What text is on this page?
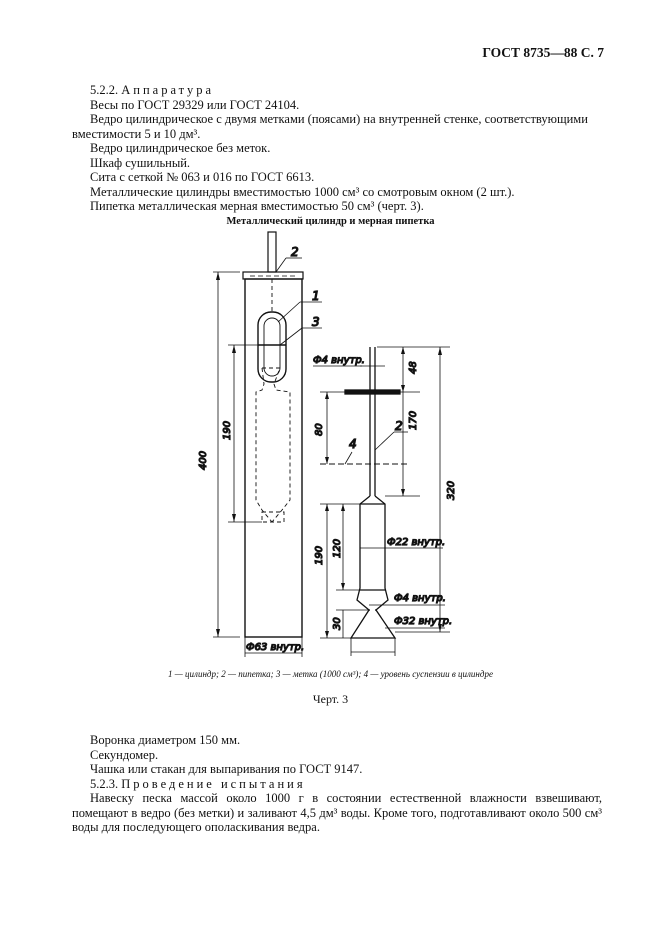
ГОСТ 8735—88 С. 7

5.2.2. Аппаратура

Весы по ГОСТ 29329 или ГОСТ 24104.

Ведро цилиндрическое с двумя метками (поясами) на внутренней стенке, соответствующими вместимости 5 и 10 дм³.

Ведро цилиндрическое без меток.

Шкаф сушильный.

Сита с сеткой № 063 и 016 по ГОСТ 6613.

Металлические цилиндры вместимостью 1000 см³ со смотровым окном (2 шт.).

Пипетка металлическая мерная вместимостью 50 см³ (черт. 3).

Металлический цилиндр и мерная пипетка
400
190
Ф63 внутр.
2
1
3
Ф4 внутр.
48
170
320
80
4
2
190 120
30
Ф22 внутр.
Ф4 внутр.
Ф32 внутр.
1 — цилиндр; 2 — пипетка; 3 — метка (1000 см³); 4 — уровень суспензии в цилиндре
Черт. 3

Воронка диаметром 150 мм.

Секундомер.

Чашка или стакан для выпаривания по ГОСТ 9147.

5.2.3. Проведение испытания

Навеску песка массой около 1000 г в состоянии естественной влажности взвешивают, помещают в ведро (без метки) и заливают 4,5 дм³ воды. Кроме того, подготавливают около 500 см³ воды для последующего ополаскивания ведра.
